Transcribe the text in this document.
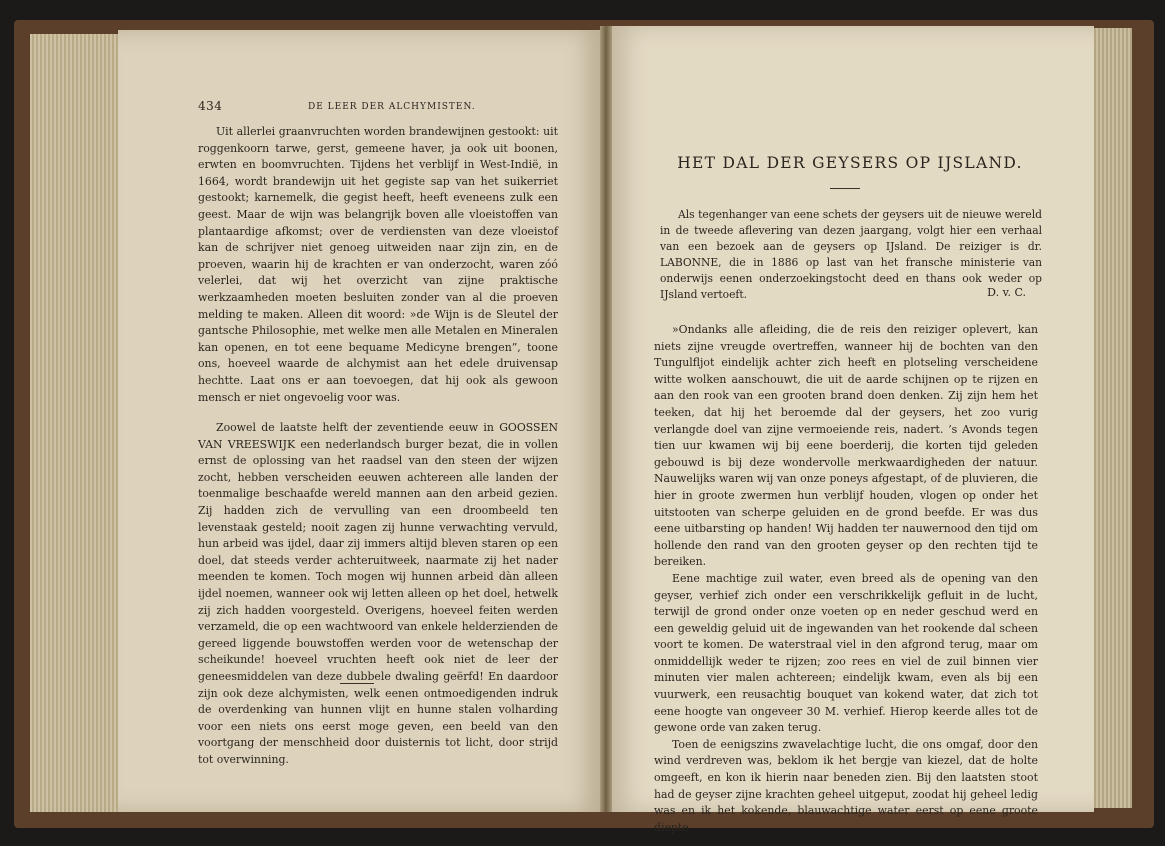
434	DE LEER DER ALCHYMISTEN.

Uit allerlei graanvruchten worden brandewijnen gestookt: uit roggenkoorn tarwe, gerst, gemeene haver, ja ook uit boonen, erwten en boomvruchten. Tijdens het verblijf in West-Indië, in 1664, wordt brandewijn uit het gegiste sap van het suikerriet gestookt; karnemelk, die gegist heeft, heeft eveneens zulk een geest. Maar de wijn was belangrijk boven alle vloeistoffen van plantaardige afkomst; over de verdiensten van deze vloeistof kan de schrijver niet genoeg uitweiden naar zijn zin, en de proeven, waarin hij de krachten er van onderzocht, waren zóó velerlei, dat wij het overzicht van zijne praktische werkzaamheden moeten besluiten zonder van al die proeven melding te maken. Alleen dit woord: »de Wijn is de Sleutel der gantsche Philosophie, met welke men alle Metalen en Mineralen kan openen, en tot eene bequame Medicyne brengen”, toone ons, hoeveel waarde de alchymist aan het edele druivensap hechtte. Laat ons er aan toevoegen, dat hij ook als gewoon mensch er niet ongevoelig voor was.

Zoowel de laatste helft der zeventiende eeuw in GOOSSEN VAN VREESWIJK een nederlandsch burger bezat, die in vollen ernst de oplossing van het raadsel van den steen der wijzen zocht, hebben verscheiden eeuwen achtereen alle landen der toenmalige beschaafde wereld mannen aan den arbeid gezien. Zij hadden zich de vervulling van een droombeeld ten levenstaak gesteld; nooit zagen zij hunne verwachting vervuld, hun arbeid was ijdel, daar zij immers altijd bleven staren op een doel, dat steeds verder achteruitweek, naarmate zij het nader meenden te komen. Toch mogen wij hunnen arbeid dàn alleen ijdel noemen, wanneer ook wij letten alleen op het doel, hetwelk zij zich hadden voorgesteld. Overigens, hoeveel feiten werden verzameld, die op een wachtwoord van enkele helderzienden de gereed liggende bouwstoffen werden voor de wetenschap der scheikunde! hoeveel vruchten heeft ook niet de leer der geneesmiddelen van deze dubbele dwaling geërfd! En daardoor zijn ook deze alchymisten, welk eenen ontmoedigenden indruk de overdenking van hunnen vlijt en hunne stalen volharding voor een niets ons eerst moge geven, een beeld van den voortgang der menschheid door duisternis tot licht, door strijd tot overwinning.

HET DAL DER GEYSERS OP IJSLAND.

Als tegenhanger van eene schets der geysers uit de nieuwe wereld in de tweede aflevering van dezen jaargang, volgt hier een verhaal van een bezoek aan de geysers op IJsland. De reiziger is dr. LABONNE, die in 1886 op last van het fransche ministerie van onderwijs eenen onderzoekingstocht deed en thans ook weder op IJsland vertoeft.	D. v. C.

»Ondanks alle afleiding, die de reis den reiziger oplevert, kan niets zijne vreugde overtreffen, wanneer hij de bochten van den Tungulfljot eindelijk achter zich heeft en plotseling verscheidene witte wolken aanschouwt, die uit de aarde schijnen op te rijzen en aan den rook van een grooten brand doen denken. Zij zijn hem het teeken, dat hij het beroemde dal der geysers, het zoo vurig verlangde doel van zijne vermoeiende reis, nadert. ’s Avonds tegen tien uur kwamen wij bij eene boerderij, die korten tijd geleden gebouwd is bij deze wondervolle merkwaardigheden der natuur. Nauwelijks waren wij van onze poneys afgestapt, of de pluvieren, die hier in groote zwermen hun verblijf houden, vlogen op onder het uitstooten van scherpe geluiden en de grond beefde. Er was dus eene uitbarsting op handen! Wij hadden ter nauwernood den tijd om hollende den rand van den grooten geyser op den rechten tijd te bereiken.

Eene machtige zuil water, even breed als de opening van den geyser, verhief zich onder een verschrikkelijk gefluit in de lucht, terwijl de grond onder onze voeten op en neder geschud werd en een geweldig geluid uit de ingewanden van het rookende dal scheen voort te komen. De waterstraal viel in den afgrond terug, maar om onmiddellijk weder te rijzen; zoo rees en viel de zuil binnen vier minuten vier malen achtereen; eindelijk kwam, even als bij een vuurwerk, een reusachtig bouquet van kokend water, dat zich tot eene hoogte van ongeveer 30 M. verhief. Hierop keerde alles tot de gewone orde van zaken terug.

Toen de eenigszins zwavelachtige lucht, die ons omgaf, door den wind verdreven was, beklom ik het bergje van kiezel, dat de holte omgeeft, en kon ik hierin naar beneden zien. Bij den laatsten stoot had de geyser zijne krachten geheel uitgeput, zoodat hij geheel ledig was en ik het kokende, blauwachtige water eerst op eene groote diepte
